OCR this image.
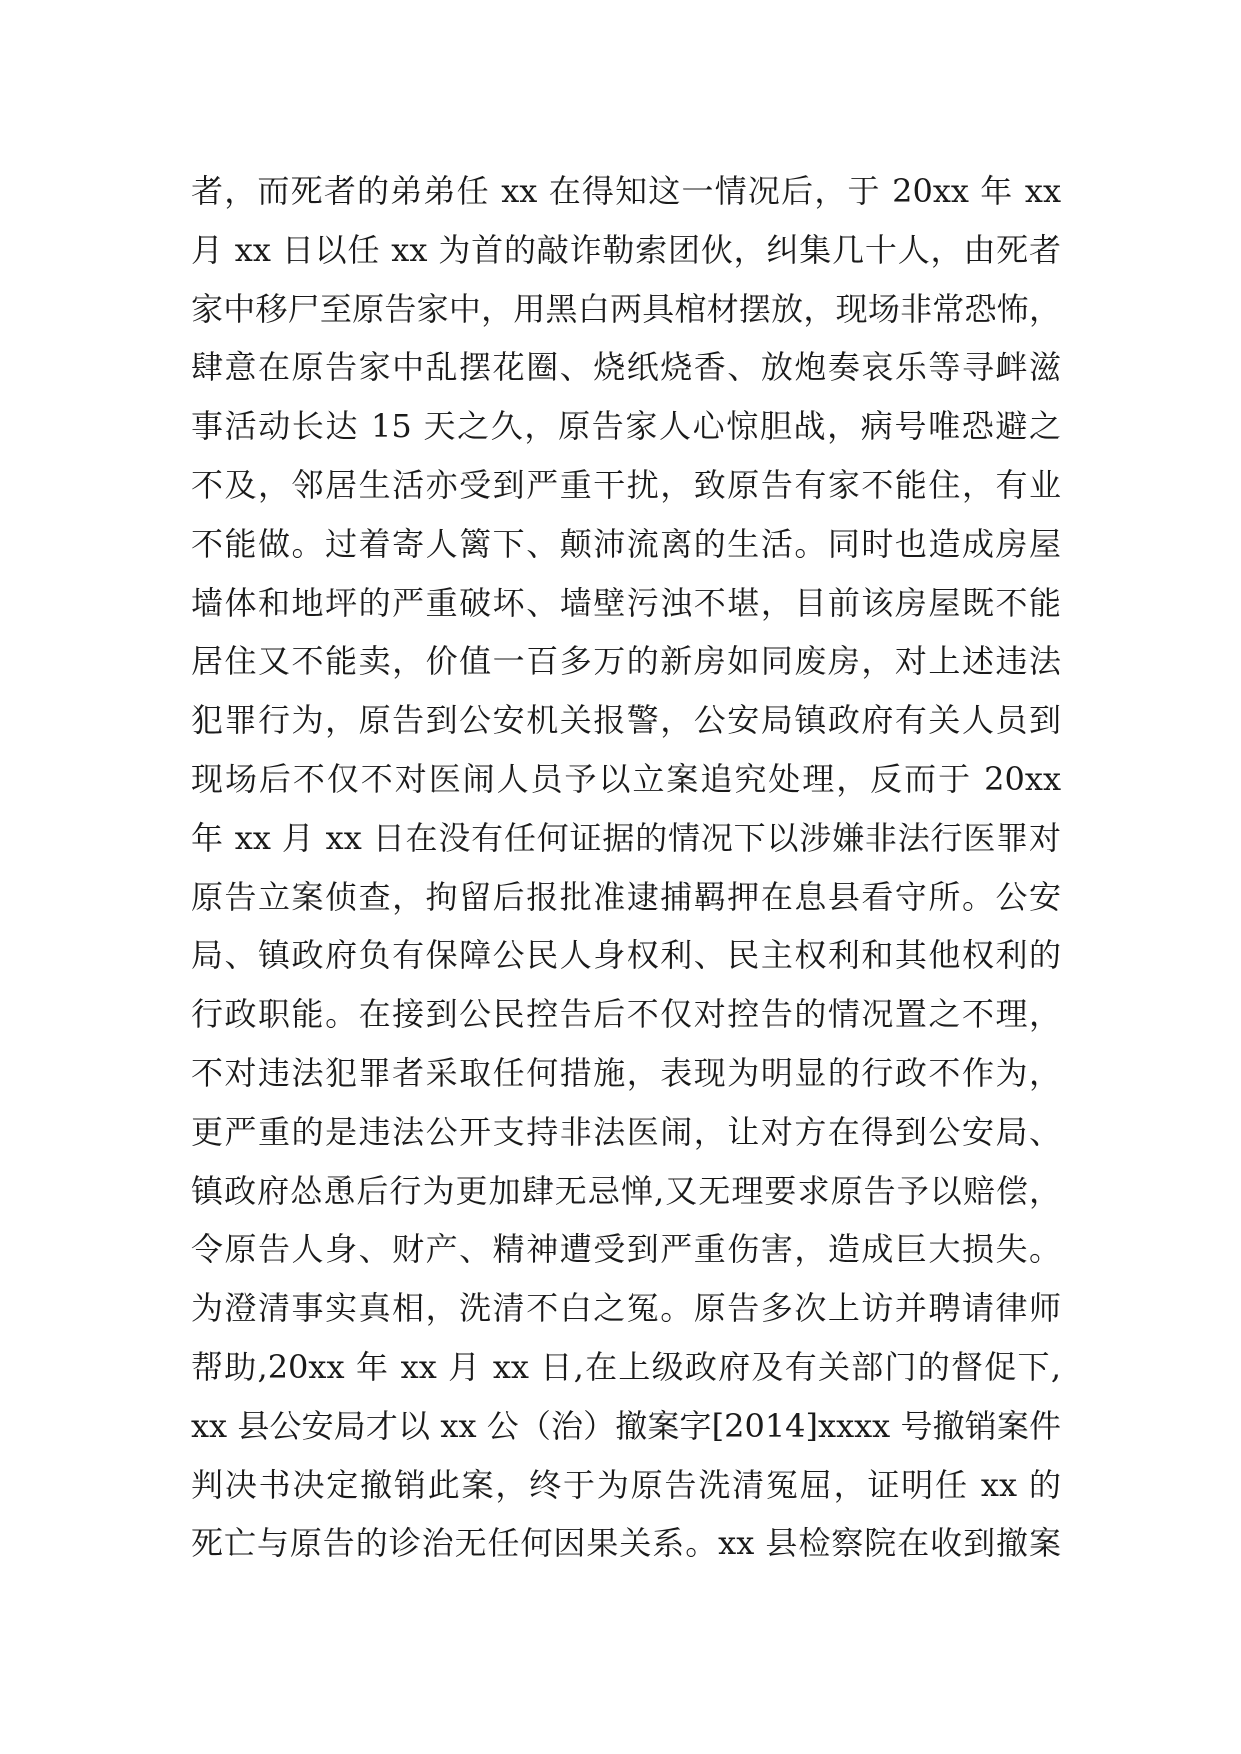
者，而死者的弟弟任 xx 在得知这一情况后，于 20xx 年 xx
月 xx 日以任 xx 为首的敲诈勒索团伙，纠集几十人，由死者
家中移尸至原告家中，用黑白两具棺材摆放，现场非常恐怖，
肆意在原告家中乱摆花圈、烧纸烧香、放炮奏哀乐等寻衅滋
事活动长达 15 天之久，原告家人心惊胆战，病号唯恐避之
不及，邻居生活亦受到严重干扰，致原告有家不能住，有业
不能做。过着寄人篱下、颠沛流离的生活。同时也造成房屋
墙体和地坪的严重破坏、墙壁污浊不堪，目前该房屋既不能
居住又不能卖，价值一百多万的新房如同废房，对上述违法
犯罪行为，原告到公安机关报警，公安局镇政府有关人员到
现场后不仅不对医闹人员予以立案追究处理，反而于 20xx
年 xx 月 xx 日在没有任何证据的情况下以涉嫌非法行医罪对
原告立案侦查，拘留后报批准逮捕羁押在息县看守所。公安
局、镇政府负有保障公民人身权利、民主权利和其他权利的
行政职能。在接到公民控告后不仅对控告的情况置之不理，
不对违法犯罪者采取任何措施，表现为明显的行政不作为，
更严重的是违法公开支持非法医闹，让对方在得到公安局、
镇政府怂恿后行为更加肆无忌惮,又无理要求原告予以赔偿，
令原告人身、财产、精神遭受到严重伤害，造成巨大损失。
为澄清事实真相，洗清不白之冤。原告多次上访并聘请律师
帮助,20xx 年 xx 月 xx 日,在上级政府及有关部门的督促下,
xx 县公安局才以 xx 公（治）撤案字[2014]xxxx 号撤销案件
判决书决定撤销此案，终于为原告洗清冤屈，证明任 xx 的
死亡与原告的诊治无任何因果关系。xx 县检察院在收到撤案
